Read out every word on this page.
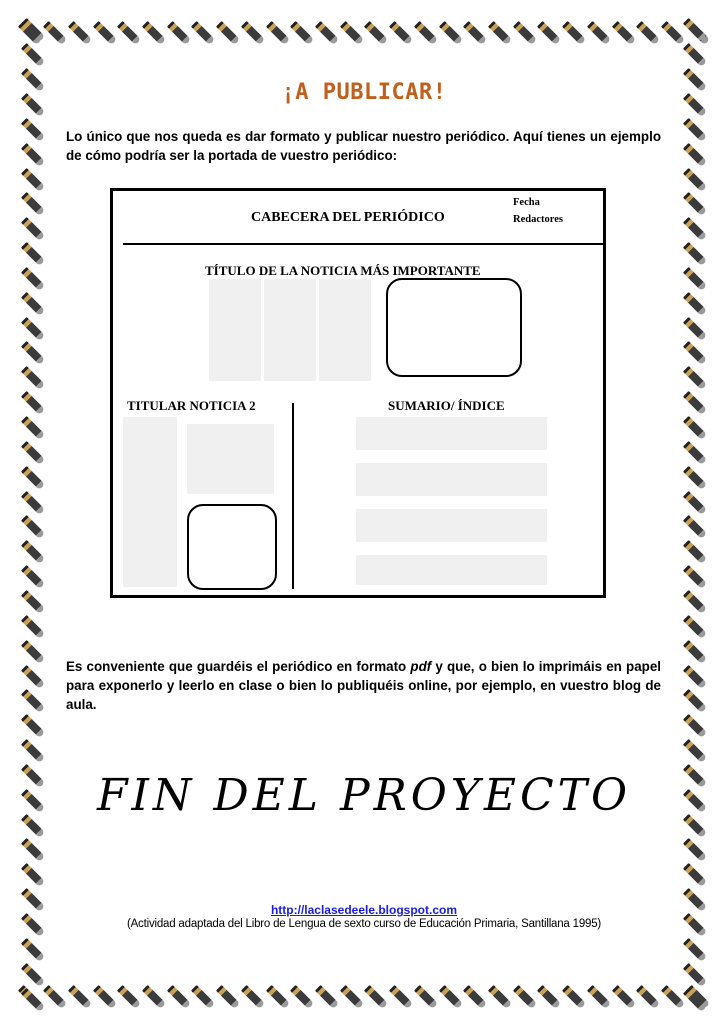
¡A PUBLICAR!
Lo único que nos queda es dar formato y publicar nuestro periódico. Aquí tienes un ejemplo de cómo podría ser la portada de vuestro periódico:
CABECERA DEL PERIÓDICO
Fecha
Redactores
TÍTULO DE LA NOTICIA MÁS IMPORTANTE
TITULAR NOTICIA 2	SUMARIO/ ÍNDICE
Es conveniente que guardéis el periódico en formato pdf y que, o bien lo imprimáis en papel para exponerlo y leerlo en clase o bien lo publiquéis online, por ejemplo, en vuestro blog de aula.
FIN DEL PROYECTO
http://laclasedeele.blogspot.com
(Actividad adaptada del Libro de Lengua de sexto curso de Educación Primaria, Santillana 1995)
